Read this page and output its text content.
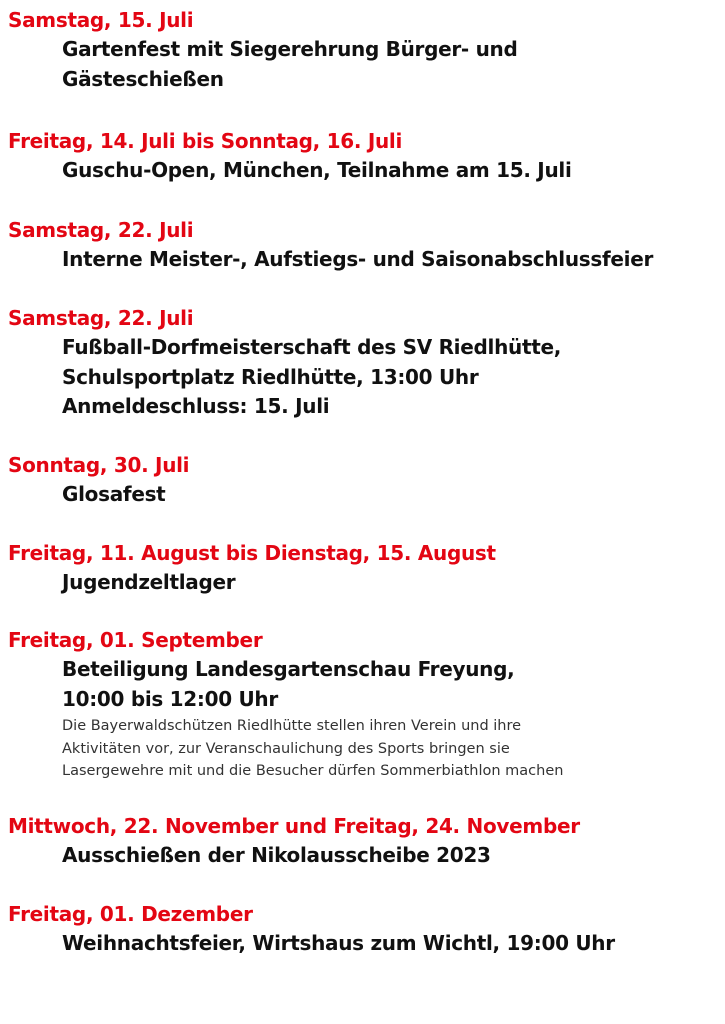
Samstag, 15. Juli
Gartenfest mit Siegerehrung Bürger- und
Gästeschießen
Freitag, 14. Juli bis Sonntag, 16. Juli
Guschu-Open, München, Teilnahme am 15. Juli
Samstag, 22. Juli
Interne Meister-, Aufstiegs- und Saisonabschlussfeier
Samstag, 22. Juli
Fußball-Dorfmeisterschaft des SV Riedlhütte,
Schulsportplatz Riedlhütte, 13:00 Uhr
Anmeldeschluss: 15. Juli
Sonntag, 30. Juli
Glosafest
Freitag, 11. August bis Dienstag, 15. August
Jugendzeltlager
Freitag, 01. September
Beteiligung Landesgartenschau Freyung,
10:00 bis 12:00 Uhr
Die Bayerwaldschützen Riedlhütte stellen ihren Verein und ihre
Aktivitäten vor, zur Veranschaulichung des Sports bringen sie
Lasergewehre mit und die Besucher dürfen Sommerbiathlon machen
Mittwoch, 22. November und Freitag, 24. November
Ausschießen der Nikolausscheibe 2023
Freitag, 01. Dezember
Weihnachtsfeier, Wirtshaus zum Wichtl, 19:00 Uhr
